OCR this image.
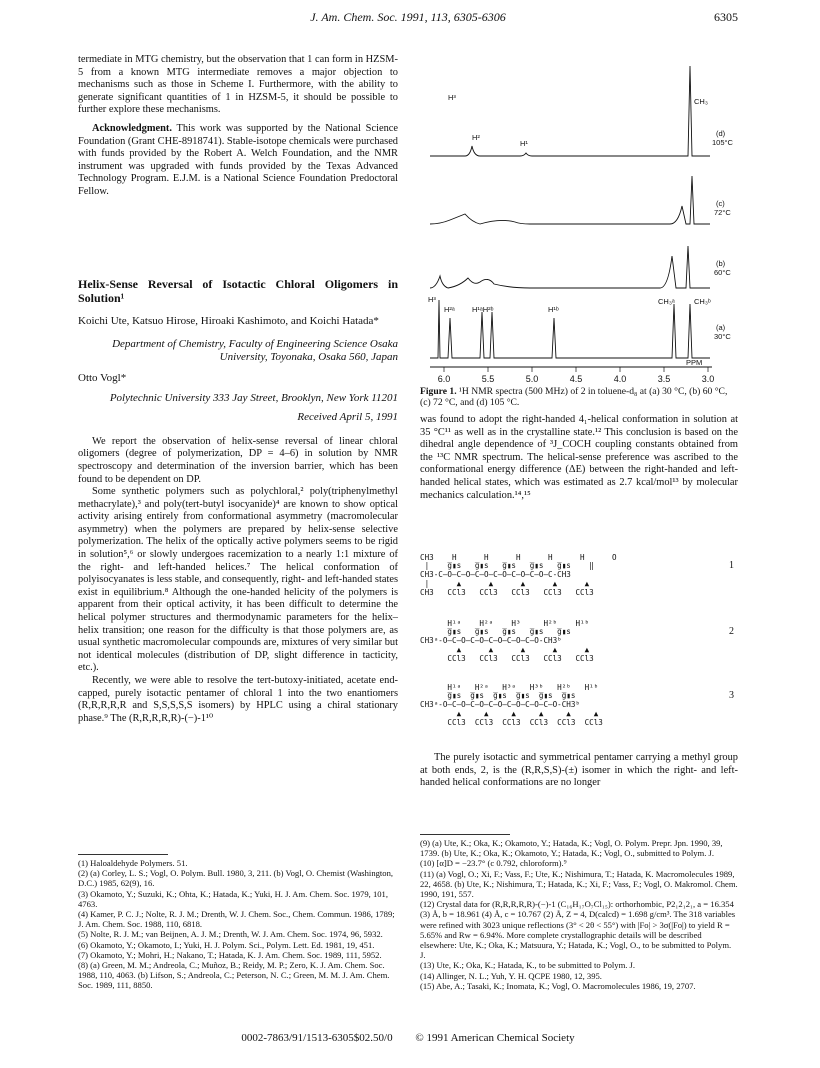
J. Am. Chem. Soc. 1991, 113, 6305-6306	6305

termediate in MTG chemistry, but the observation that 1 can form in HZSM-5 from a known MTG intermediate removes a major objection to mechanisms such as those in Scheme I. Furthermore, with the ability to generate significant quantities of 1 in HZSM-5, it should be possible to further explore these mechanisms.

Acknowledgment. This work was supported by the National Science Foundation (Grant CHE-8918741). Stable-isotope chemicals were purchased with funds provided by the Robert A. Welch Foundation, and the NMR instrument was upgraded with funds provided by the Texas Advanced Technology Program. E.J.M. is a National Science Foundation Predoctoral Fellow.

Helix-Sense Reversal of Isotactic Chloral Oligomers in Solution¹

Koichi Ute, Katsuo Hirose, Hiroaki Kashimoto, and Koichi Hatada*

Department of Chemistry, Faculty of Engineering Science Osaka University, Toyonaka, Osaka 560, Japan

Otto Vogl*

Polytechnic University 333 Jay Street, Brooklyn, New York 11201

Received April 5, 1991

We report the observation of helix-sense reversal of linear chloral oligomers (degree of polymerization, DP = 4–6) in solution by NMR spectroscopy and determination of the inversion barrier, which has been found to be dependent on DP.

Some synthetic polymers such as polychloral,² poly(triphenylmethyl methacrylate),³ and poly(tert-butyl isocyanide)⁴ are known to show optical activity arising entirely from conformational asymmetry (macromolecular asymmetry) when the polymers are prepared by helix-sense selective polymerization. The helix of the optically active polymers seems to be rigid in solution⁵,⁶ or slowly undergoes racemization to a nearly 1:1 mixture of the right- and left-handed helices.⁷ The helical conformation of polyisocyanates is less stable, and consequently, right- and left-handed states exist in equilibrium.⁸ Although the one-handed helicity of the polymers is apparent from their optical activity, it has been difficult to determine the helical polymer structures and thermodynamic parameters for the helix–helix transition; one reason for the difficulty is that those polymers are, as usual synthetic macromolecular compounds are, mixtures of very similar but not identical molecules (distribution of DP, slight difference in tacticity, etc.).

Recently, we were able to resolve the tert-butoxy-initiated, acetate end-capped, purely isotactic pentamer of chloral 1 into the two enantiomers (R,R,R,R,R and S,S,S,S,S isomers) by HPLC using a chiral stationary phase.⁹ The (R,R,R,R,R)-(−)-1¹⁰

(1) Haloaldehyde Polymers. 51.

(2) (a) Corley, L. S.; Vogl, O. Polym. Bull. 1980, 3, 211. (b) Vogl, O. Chemist (Washington, D.C.) 1985, 62(9), 16.

(3) Okamoto, Y.; Suzuki, K.; Ohta, K.; Hatada, K.; Yuki, H. J. Am. Chem. Soc. 1979, 101, 4763.

(4) Kamer, P. C. J.; Nolte, R. J. M.; Drenth, W. J. Chem. Soc., Chem. Commun. 1986, 1789; J. Am. Chem. Soc. 1988, 110, 6818.

(5) Nolte, R. J. M.; van Beijnen, A. J. M.; Drenth, W. J. Am. Chem. Soc. 1974, 96, 5932.

(6) Okamoto, Y.; Okamoto, I.; Yuki, H. J. Polym. Sci., Polym. Lett. Ed. 1981, 19, 451.

(7) Okamoto, Y.; Mohri, H.; Nakano, T.; Hatada, K. J. Am. Chem. Soc. 1989, 111, 5952.

(8) (a) Green, M. M.; Andreola, C.; Muñoz, B.; Reidy, M. P.; Zero, K. J. Am. Chem. Soc. 1988, 110, 4063. (b) Lifson, S.; Andreola, C.; Peterson, N. C.; Green, M. M. J. Am. Chem. Soc. 1989, 111, 8850.

H³	CH₃
H²
H¹
(d)
105°C
(c)
72°C
(b)
60°C
H³
H²ᵃ H¹ᵃH²ᵇ	H¹ᵇ
CH₃ᵃ	CH₃ᵇ
(a)
30°C
PPM
6.0	5.5	5.0	4.5	4.0	3.5	3.0
Figure 1. ¹H NMR spectra (500 MHz) of 2 in toluene-d₈ at (a) 30 °C, (b) 60 °C, (c) 72 °C, and (d) 105 °C.

was found to adopt the right-handed 4₁-helical conformation in solution at 35 °C¹¹ as well as in the crystalline state.¹² This conclusion is based on the dihedral angle dependence of ³J_COCH coupling constants obtained from the ¹³C NMR spectrum. The helical-sense preference was ascribed to the conformational energy difference (ΔE) between the right-handed and left-handed helical states, which was estimated as 2.7 kcal/mol¹³ by molecular mechanics calculation.¹⁴,¹⁵

CH3    H      H      H      H      H      O
|    g̅▮s   g̅▮s   g̅▮s   g̅▮s   g̅▮s    ‖
CH3-C—O—C—O—C—O—C—O—C—O—C—O—C-CH3
|      ▲      ▲      ▲      ▲      ▲
CH3   CCl3   CCl3   CCl3   CCl3   CCl3

1

H¹ᵃ    H²ᵃ    H³     H²ᵇ    H¹ᵇ
g̅▮s   g̅▮s   g̅▮s   g̅▮s   g̅▮s
CH3ᵃ-O—C—O—C—O—C—O—C—O—C—O-CH3ᵇ
▲      ▲      ▲      ▲      ▲
CCl3   CCl3   CCl3   CCl3   CCl3

2

H¹ᵃ   H²ᵃ   H³ᵃ   H³ᵇ   H²ᵇ   H¹ᵇ
g̅▮s  g̅▮s  g̅▮s  g̅▮s  g̅▮s  g̅▮s
CH3ᵃ-O—C—O—C—O—C—O—C—O—C—O—C—O-CH3ᵇ
▲     ▲     ▲     ▲     ▲     ▲
CCl3  CCl3  CCl3  CCl3  CCl3  CCl3

3

The purely isotactic and symmetrical pentamer carrying a methyl group at both ends, 2, is the (R,R,S,S)-(±) isomer in which the right- and left-handed helical conformations are no longer

(9) (a) Ute, K.; Oka, K.; Okamoto, Y.; Hatada, K.; Vogl, O. Polym. Prepr. Jpn. 1990, 39, 1739. (b) Ute, K.; Oka, K.; Okamoto, Y.; Hatada, K.; Vogl, O., submitted to Polym. J.

(10) [α]D = −23.7° (c 0.792, chloroform).⁹

(11) (a) Vogl, O.; Xi, F.; Vass, F.; Ute, K.; Nishimura, T.; Hatada, K. Macromolecules 1989, 22, 4658. (b) Ute, K.; Nishimura, T.; Hatada, K.; Xi, F.; Vass, F.; Vogl, O. Makromol. Chem. 1990, 191, 557.

(12) Crystal data for (R,R,R,R,R)-(−)-1 (C₁₆H₁₇O₇Cl₁₅): orthorhombic, P2₁2₁2₁, a = 16.354 (3) Å, b = 18.961 (4) Å, c = 10.767 (2) Å, Z = 4, D(calcd) = 1.698 g/cm³. The 318 variables were refined with 3023 unique reflections (3° < 2θ < 55°) with |Fo| > 3σ(|Fo|) to yield R = 5.65% and Rw = 6.94%. More complete crystallographic details will be described elsewhere: Ute, K.; Oka, K.; Matsuura, Y.; Hatada, K.; Vogl, O., to be submitted to Polym. J.

(13) Ute, K.; Oka, K.; Hatada, K., to be submitted to Polym. J.

(14) Allinger, N. L.; Yuh, Y. H. QCPE 1980, 12, 395.

(15) Abe, A.; Tasaki, K.; Inomata, K.; Vogl, O. Macromolecules 1986, 19, 2707.

0002-7863/91/1513-6305$02.50/0 © 1991 American Chemical Society
